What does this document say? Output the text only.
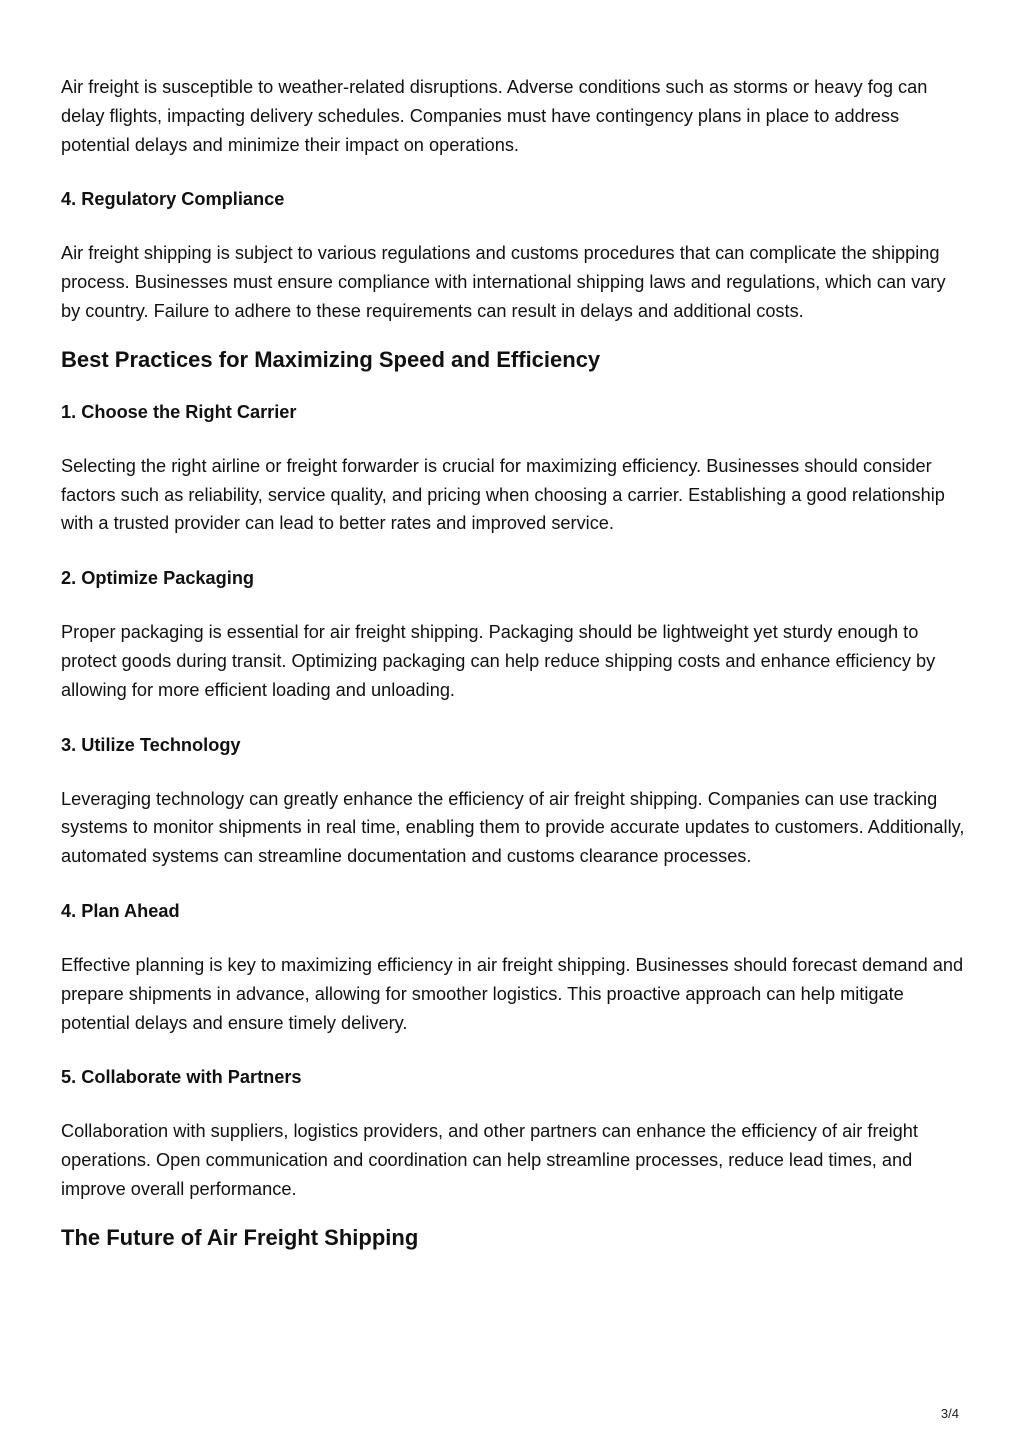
Air freight is susceptible to weather-related disruptions. Adverse conditions such as storms or heavy fog can delay flights, impacting delivery schedules. Companies must have contingency plans in place to address potential delays and minimize their impact on operations.

4. Regulatory Compliance

Air freight shipping is subject to various regulations and customs procedures that can complicate the shipping process. Businesses must ensure compliance with international shipping laws and regulations, which can vary by country. Failure to adhere to these requirements can result in delays and additional costs.

Best Practices for Maximizing Speed and Efficiency
1. Choose the Right Carrier

Selecting the right airline or freight forwarder is crucial for maximizing efficiency. Businesses should consider factors such as reliability, service quality, and pricing when choosing a carrier. Establishing a good relationship with a trusted provider can lead to better rates and improved service.

2. Optimize Packaging

Proper packaging is essential for air freight shipping. Packaging should be lightweight yet sturdy enough to protect goods during transit. Optimizing packaging can help reduce shipping costs and enhance efficiency by allowing for more efficient loading and unloading.

3. Utilize Technology

Leveraging technology can greatly enhance the efficiency of air freight shipping. Companies can use tracking systems to monitor shipments in real time, enabling them to provide accurate updates to customers. Additionally, automated systems can streamline documentation and customs clearance processes.

4. Plan Ahead

Effective planning is key to maximizing efficiency in air freight shipping. Businesses should forecast demand and prepare shipments in advance, allowing for smoother logistics. This proactive approach can help mitigate potential delays and ensure timely delivery.

5. Collaborate with Partners

Collaboration with suppliers, logistics providers, and other partners can enhance the efficiency of air freight operations. Open communication and coordination can help streamline processes, reduce lead times, and improve overall performance.

The Future of Air Freight Shipping
3/4
